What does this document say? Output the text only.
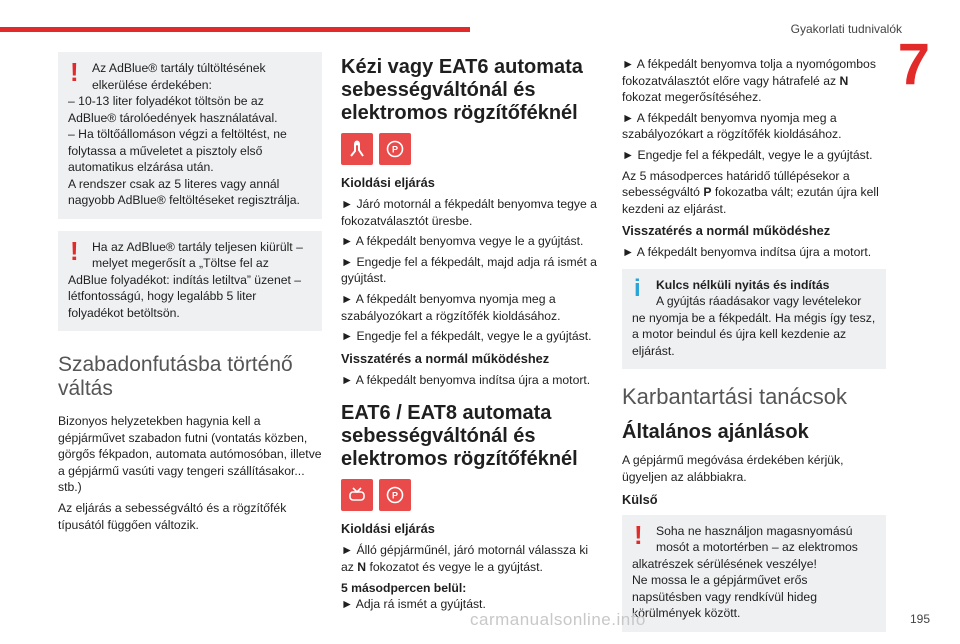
Gyakorlati tudnivalók
7
!	Az AdBlue® tartály túltöltésének elkerülése érdekében:

– 10-13 liter folyadékot töltsön be az AdBlue® tárolóedények használatával.

– Ha töltőállomáson végzi a feltöltést, ne folytassa a műveletet a pisztoly első automatikus elzárása után.

A rendszer csak az 5 literes vagy annál nagyobb AdBlue® feltöltéseket regisztrálja.

!	Ha az AdBlue® tartály teljesen kiürült – melyet megerősít a „Töltse fel az

AdBlue folyadékot: indítás letiltva” üzenet – létfontosságú, hogy legalább 5 liter folyadékot betöltsön.

Szabadonfutásba történő váltás

Bizonyos helyzetekben hagynia kell a gépjárművet szabadon futni (vontatás közben, görgős fékpadon, automata autómosóban, illetve a gépjármű vasúti vagy tengeri szállításakor... stb.)

Az eljárás a sebességváltó és a rögzítőfék típusától függően változik.

Kézi vagy EAT6 automata sebességváltónál és elektromos rögzítőféknél
P
Kioldási eljárás

► Járó motornál a fékpedált benyomva tegye a fokozatválasztót üresbe.

► A fékpedált benyomva vegye le a gyújtást.

► Engedje fel a fékpedált, majd adja rá ismét a gyújtást.

► A fékpedált benyomva nyomja meg a szabályozókart a rögzítőfék kioldásához.

► Engedje fel a fékpedált, vegye le a gyújtást.

Visszatérés a normál működéshez

► A fékpedált benyomva indítsa újra a motort.

EAT6 / EAT8 automata sebességváltónál és elektromos rögzítőféknél
P
Kioldási eljárás

► Álló gépjárműnél, járó motornál válassza ki az N fokozatot és vegye le a gyújtást.

5 másodpercen belül:

► Adja rá ismét a gyújtást.

► A fékpedált benyomva tolja a nyomógombos fokozatválasztót előre vagy hátrafelé az N fokozat megerősítéséhez.

► A fékpedált benyomva nyomja meg a szabályozókart a rögzítőfék kioldásához.

► Engedje fel a fékpedált, vegye le a gyújtást.

Az 5 másodperces határidő túllépésekor a sebességváltó P fokozatba vált; ezután újra kell kezdeni az eljárást.

Visszatérés a normál működéshez

► A fékpedált benyomva indítsa újra a motort.

i	Kulcs nélküli nyitás és indítás

A gyújtás ráadásakor vagy levételekor

ne nyomja be a fékpedált. Ha mégis így tesz, a motor beindul és újra kell kezdenie az eljárást.

Karbantartási tanácsok
Általános ajánlások

A gépjármű megóvása érdekében kérjük, ügyeljen az alábbiakra.

Külső
!	Soha ne használjon magasnyomású mosót a motortérben – az elektromos

alkatrészek sérülésének veszélye!

Ne mossa le a gépjárművet erős napsütésben vagy rendkívül hideg körülmények között.

carmanualsonline.info	195
